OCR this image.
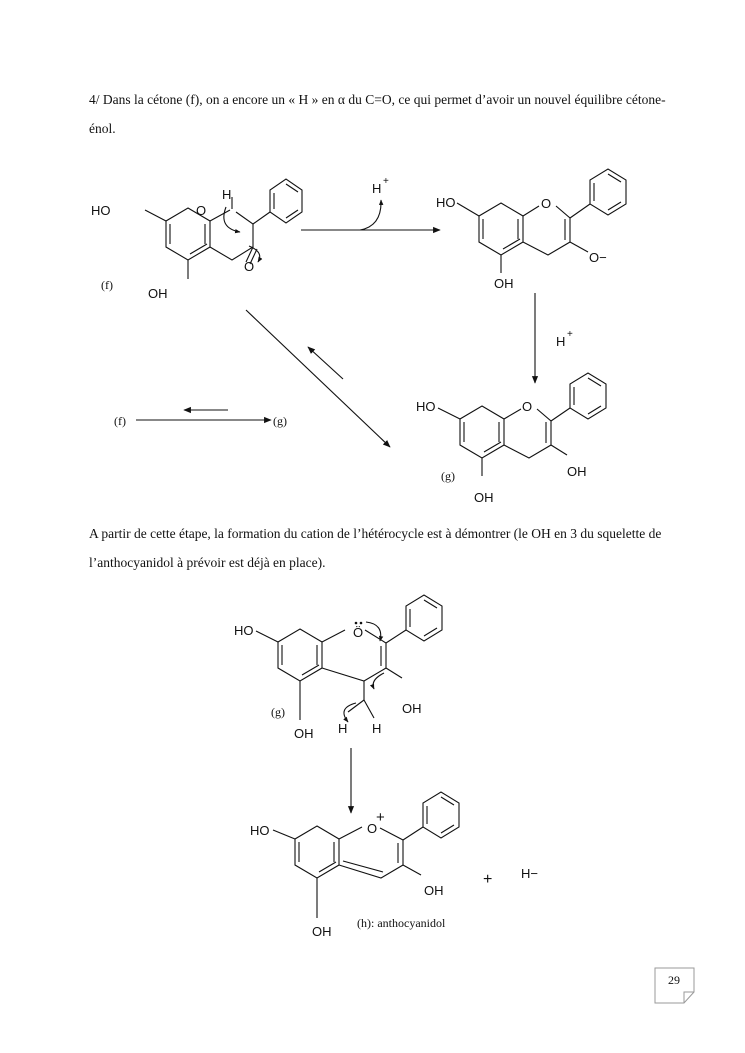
4/ Dans la cétone (f), on a encore un « H » en α du C=O, ce qui permet d’avoir un nouvel équilibre cétone-énol.

HO	O
H
O
OH
(f)
H +
HO	O
O−
OH
H +
HO	O
OH
OH
(g)
(f)	(g)
HO	Ö
OH
OH H H
(g)
HO	O
+
OH
OH
(h): anthocyanidol
+ H−

A partir de cette étape, la formation du cation de l’hétérocycle est à démontrer (le OH en 3 du squelette de l’anthocyanidol à prévoir est déjà en place).

29
